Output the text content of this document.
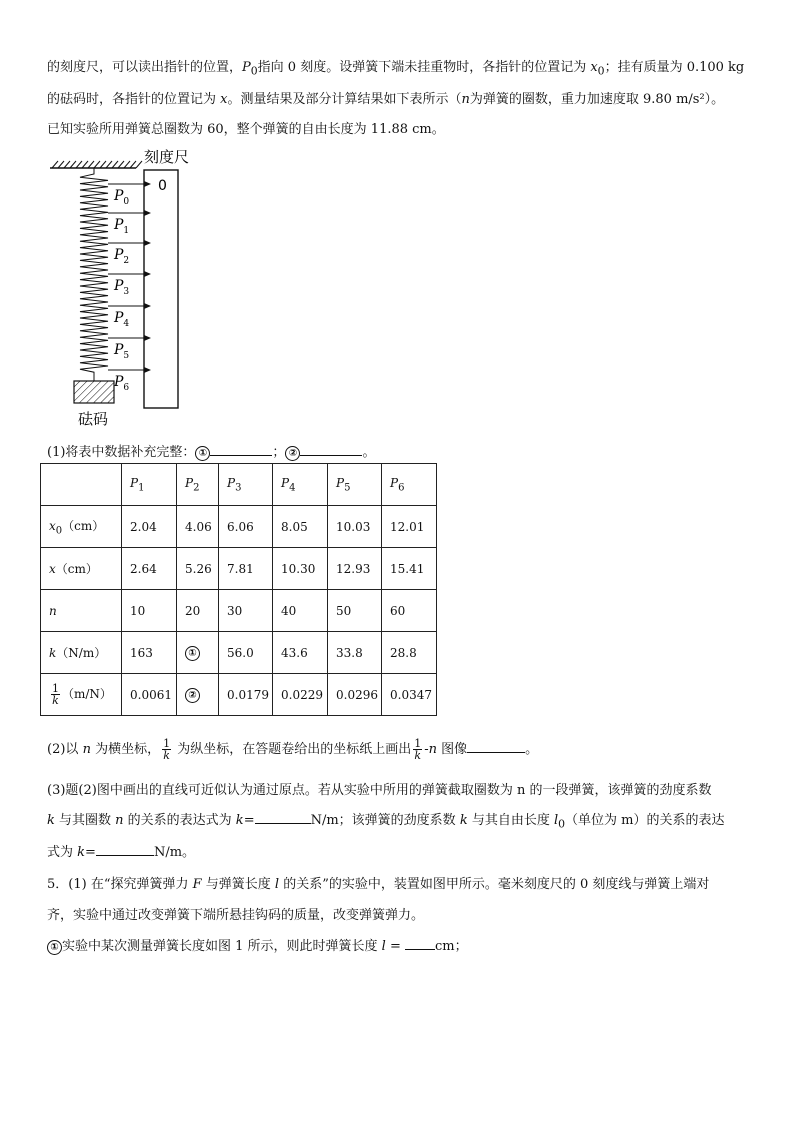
的刻度尺，可以读出指针的位置，$P_0$指向 0 刻度。设弹簧下端未挂重物时，各指针的位置记为 $x_0$；挂有质量为 0.100 kg
的砝码时，各指针的位置记为 x。测量结果及部分计算结果如下表所示（n为弹簧的圈数，重力加速度取 9.80 m/s²）。
已知实验所用弹簧总圈数为 60，整个弹簧的自由长度为 11.88 cm。
刻度尺
0
$P_0$
$P_1$
$P_2$
$P_3$
$P_4$
$P_5$
$P_6$
砝码
(1)将表中数据补充完整： ①	； ②	。
	$P_1$	$P_2$	$P_3$	$P_4$	$P_5$	$P_6$
$x_0(cm)$	2.04	4.06	6.06	8.05	10.03	12.01
x（cm）	2.64	5.26	7.81	10.30	12.93	15.41
n	10	20	30	40	50	60
k（N/m）	163	①	56.0	43.6	33.8	28.8

$\frac{1}{k} (m/N)$	0.0061	②	0.0179	0.0229	0.0296	0.0347
(2)以 n 为横坐标， $\frac{1}{k}$ 为纵坐标，在答题卷给出的坐标纸上画出 $\frac{1}{k} -n$ 图像	。
(3)题(2)图中画出的直线可近似认为通过原点。若从实验中所用的弹簧截取圈数为 n 的一段弹簧，该弹簧的劲度系数
k 与其圈数 n 的关系的表达式为 k=	N/m；该弹簧的劲度系数 k 与其自由长度 $l_0$（单位为 m）的关系的表达
式为 k=	N/m。
5．(1) 在“探究弹簧弹力 F 与弹簧长度 l 的关系”的实验中，装置如图甲所示。毫米刻度尺的 0 刻度线与弹簧上端对
齐，实验中通过改变弹簧下端所悬挂钩码的质量，改变弹簧弹力。
① 实验中某次测量弹簧长度如图 1 所示，则此时弹簧长度 l = cm；
